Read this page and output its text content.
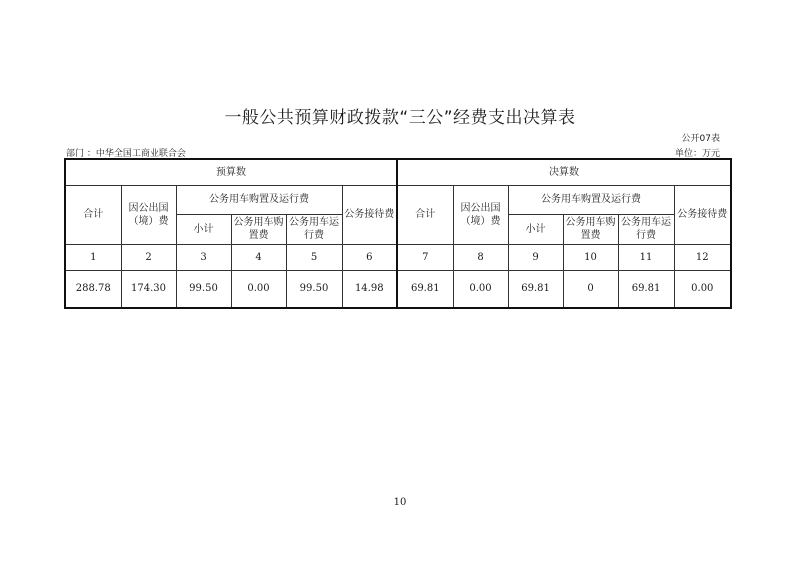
一般公共预算财政拨款“三公”经费支出决算表
公开07表
部门 ：中华全国工商业联合会	单位：万元
预算数						决算数					
合计	因公出国（境）费	公务用车购置及运行费			公务接待费	合计	因公出国（境）费	公务用车购置及运行费			公务接待费
		小计	公务用车购置费	公务用车运行费				小计	公务用车购置费	公务用车运行费	
1	2	3	4	5	6	7	8	9	10	11	12
288.78	174.30	99.50	0.00	99.50	14.98	69.81	0.00	69.81	0	69.81	0.00
10
